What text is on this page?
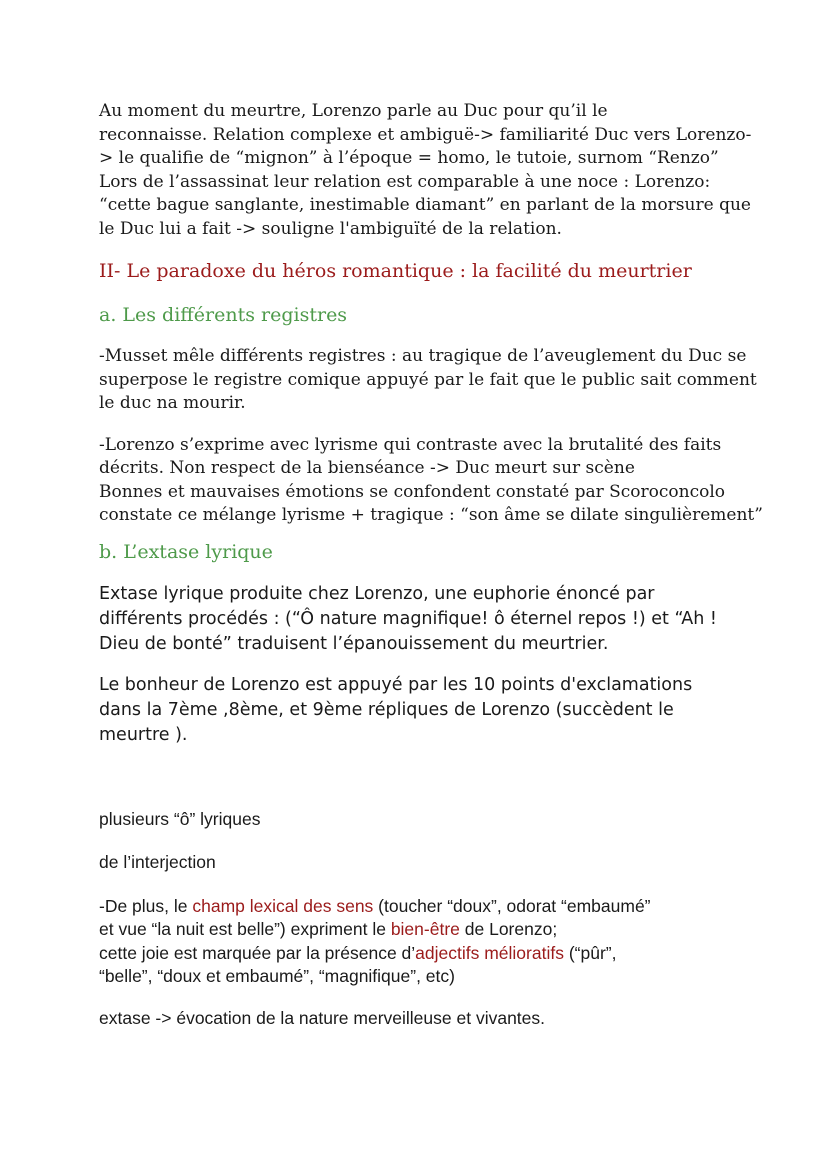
Au moment du meurtre, Lorenzo parle au Duc pour qu’il le
reconnaisse. Relation complexe et ambiguë-> familiarité Duc vers Lorenzo-
> le qualifie de “mignon” à l’époque = homo, le tutoie, surnom “Renzo”
Lors de l’assassinat leur relation est comparable à une noce : Lorenzo:
“cette bague sanglante, inestimable diamant” en parlant de la morsure que
le Duc lui a fait -> souligne l'ambiguïté de la relation.

II- Le paradoxe du héros romantique : la facilité du meurtrier
a. Les différents registres

-Musset mêle différents registres : au tragique de l’aveuglement du Duc se
superpose le registre comique appuyé par le fait que le public sait comment
le duc na mourir.

-Lorenzo s’exprime avec lyrisme qui contraste avec la brutalité des faits
décrits. Non respect de la bienséance -> Duc meurt sur scène
Bonnes et mauvaises émotions se confondent constaté par Scoroconcolo
constate ce mélange lyrisme + tragique : “son âme se dilate singulièrement”

b. L’extase lyrique

Extase lyrique produite chez Lorenzo, une euphorie énoncé par
différents procédés : (“Ô nature magnifique! ô éternel repos !) et “Ah !
Dieu de bonté” traduisent l’épanouissement du meurtrier.

Le bonheur de Lorenzo est appuyé par les 10 points d'exclamations
dans la 7ème ,8ème, et 9ème répliques de Lorenzo (succèdent le
meurtre ).

plusieurs “ô” lyriques

de l’interjection

-De plus, le champ lexical des sens (toucher “doux”, odorat “embaumé”
et vue “la nuit est belle”) expriment le bien-être de Lorenzo;
cette joie est marquée par la présence d’adjectifs mélioratifs (“pûr”,
“belle”, “doux et embaumé”, “magnifique”, etc)

extase -> évocation de la nature merveilleuse et vivantes.
